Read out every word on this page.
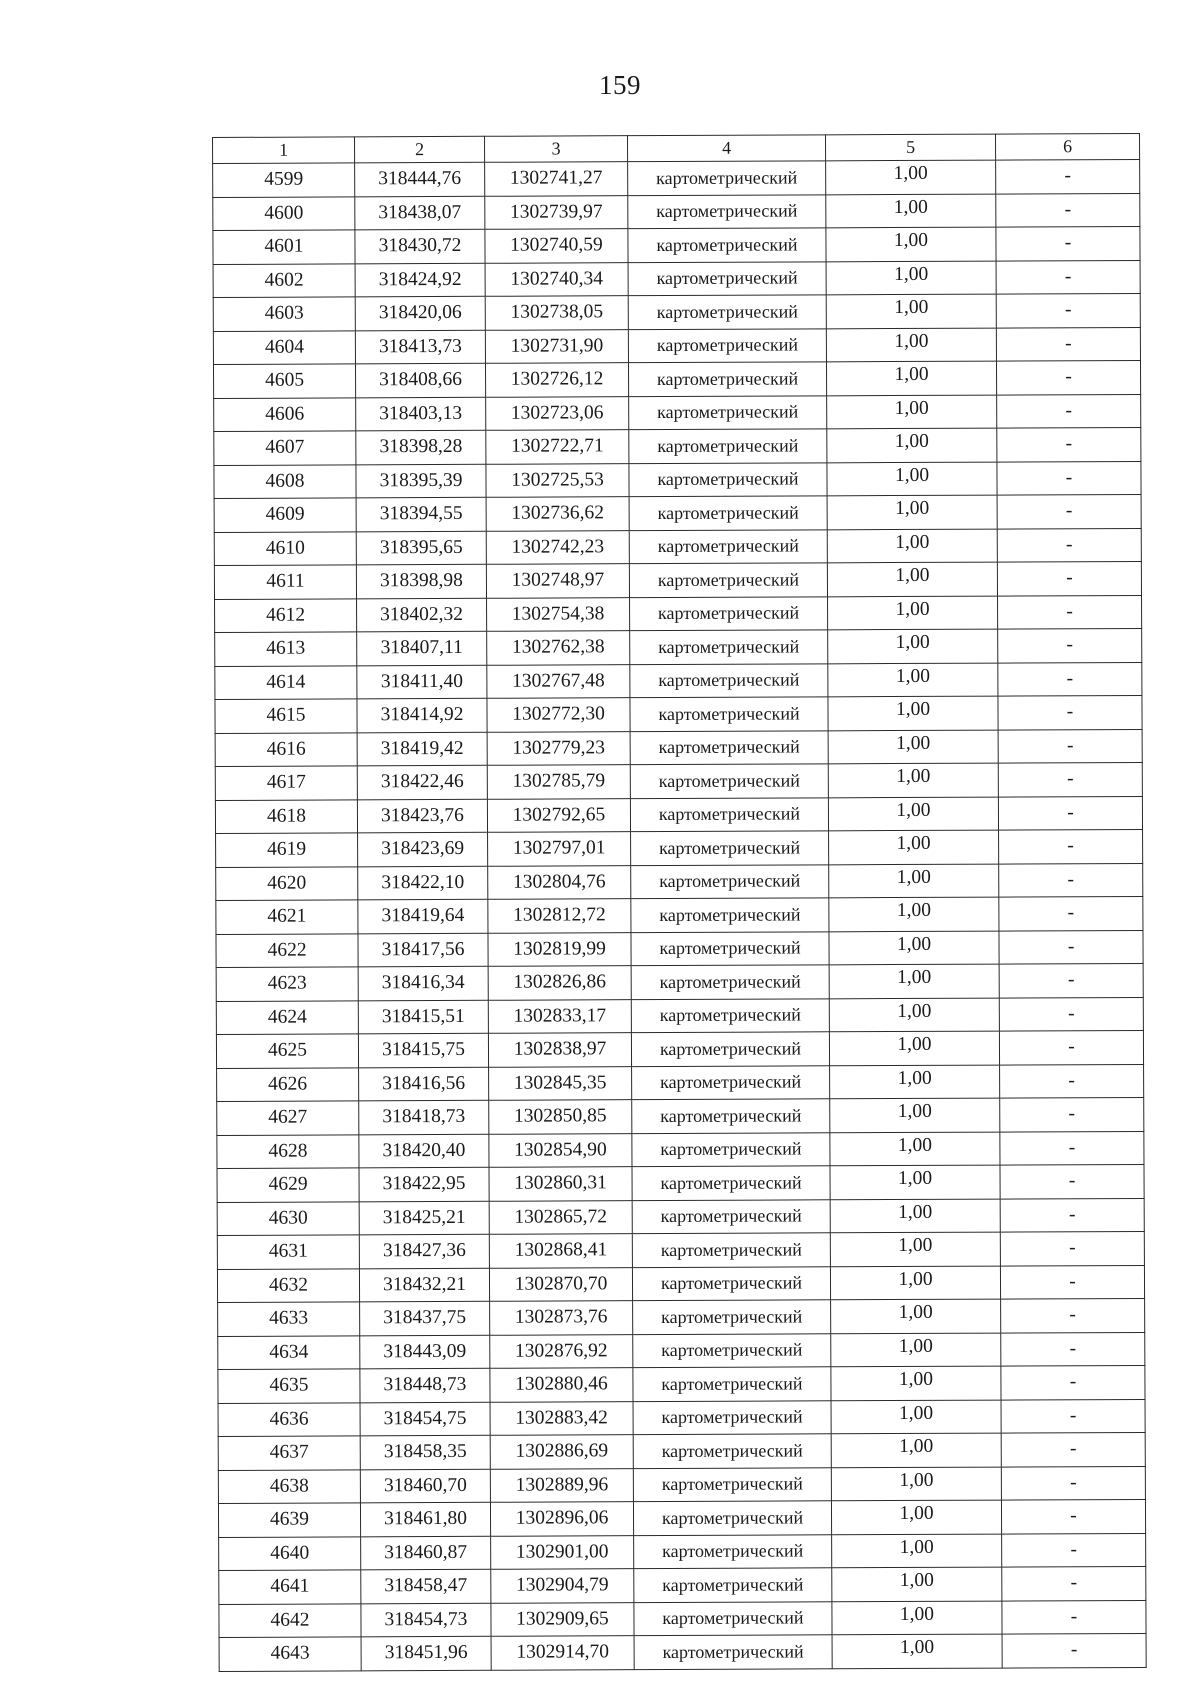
159
1	2	3	4	5	6
4599	318444,76	1302741,27	картометрический	1,00	-
4600	318438,07	1302739,97	картометрический	1,00	-
4601	318430,72	1302740,59	картометрический	1,00	-
4602	318424,92	1302740,34	картометрический	1,00	-
4603	318420,06	1302738,05	картометрический	1,00	-
4604	318413,73	1302731,90	картометрический	1,00	-
4605	318408,66	1302726,12	картометрический	1,00	-
4606	318403,13	1302723,06	картометрический	1,00	-
4607	318398,28	1302722,71	картометрический	1,00	-
4608	318395,39	1302725,53	картометрический	1,00	-
4609	318394,55	1302736,62	картометрический	1,00	-
4610	318395,65	1302742,23	картометрический	1,00	-
4611	318398,98	1302748,97	картометрический	1,00	-
4612	318402,32	1302754,38	картометрический	1,00	-
4613	318407,11	1302762,38	картометрический	1,00	-
4614	318411,40	1302767,48	картометрический	1,00	-
4615	318414,92	1302772,30	картометрический	1,00	-
4616	318419,42	1302779,23	картометрический	1,00	-
4617	318422,46	1302785,79	картометрический	1,00	-
4618	318423,76	1302792,65	картометрический	1,00	-
4619	318423,69	1302797,01	картометрический	1,00	-
4620	318422,10	1302804,76	картометрический	1,00	-
4621	318419,64	1302812,72	картометрический	1,00	-
4622	318417,56	1302819,99	картометрический	1,00	-
4623	318416,34	1302826,86	картометрический	1,00	-
4624	318415,51	1302833,17	картометрический	1,00	-
4625	318415,75	1302838,97	картометрический	1,00	-
4626	318416,56	1302845,35	картометрический	1,00	-
4627	318418,73	1302850,85	картометрический	1,00	-
4628	318420,40	1302854,90	картометрический	1,00	-
4629	318422,95	1302860,31	картометрический	1,00	-
4630	318425,21	1302865,72	картометрический	1,00	-
4631	318427,36	1302868,41	картометрический	1,00	-
4632	318432,21	1302870,70	картометрический	1,00	-
4633	318437,75	1302873,76	картометрический	1,00	-
4634	318443,09	1302876,92	картометрический	1,00	-
4635	318448,73	1302880,46	картометрический	1,00	-
4636	318454,75	1302883,42	картометрический	1,00	-
4637	318458,35	1302886,69	картометрический	1,00	-
4638	318460,70	1302889,96	картометрический	1,00	-
4639	318461,80	1302896,06	картометрический	1,00	-
4640	318460,87	1302901,00	картометрический	1,00	-
4641	318458,47	1302904,79	картометрический	1,00	-
4642	318454,73	1302909,65	картометрический	1,00	-
4643	318451,96	1302914,70	картометрический	1,00	-
